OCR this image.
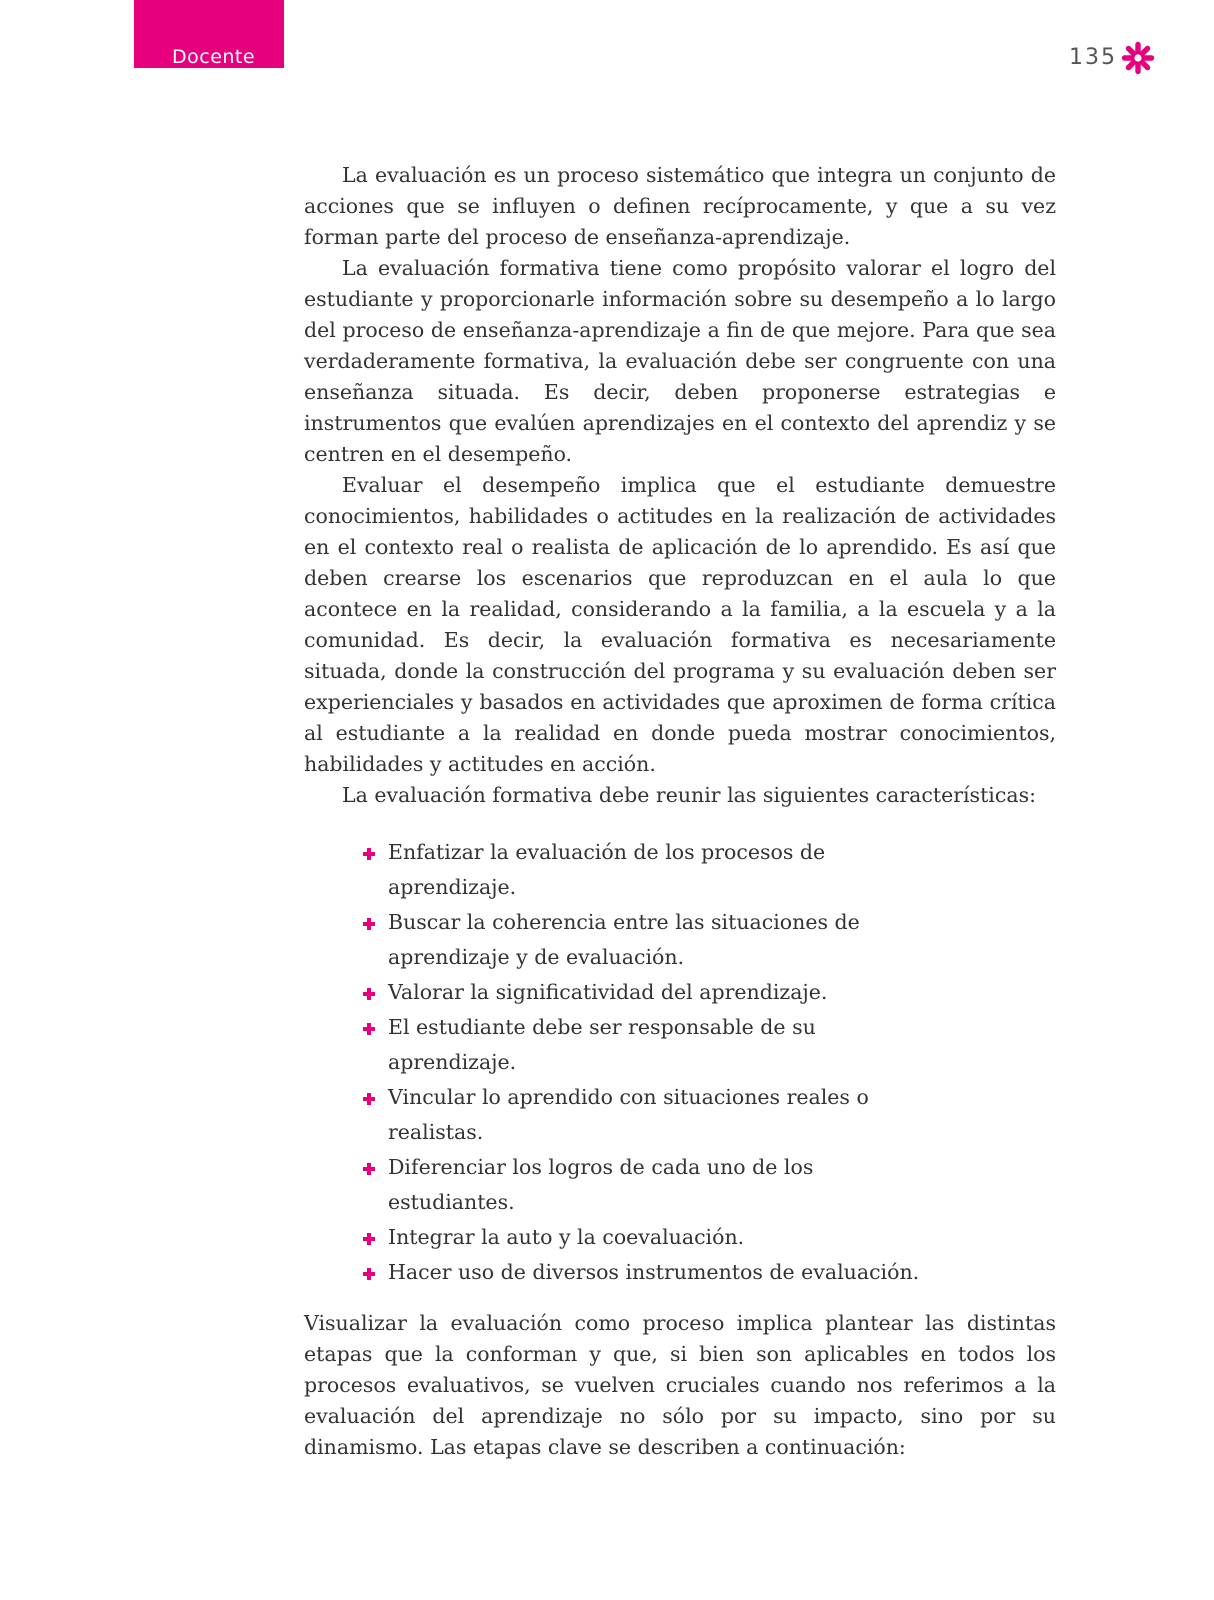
Docente	135

La evaluación es un proceso sistemático que integra un conjunto de acciones que se influyen o definen recíprocamente, y que a su vez forman parte del proceso de enseñanza-aprendizaje.

La evaluación formativa tiene como propósito valorar el logro del estudiante y proporcionarle información sobre su desempeño a lo largo del proceso de enseñanza-aprendizaje a fin de que mejore. Para que sea verdaderamente formativa, la evaluación debe ser congruente con una enseñanza situada. Es decir, deben proponerse estrategias e instrumentos que evalúen aprendizajes en el contexto del aprendiz y se centren en el desempeño.

Evaluar el desempeño implica que el estudiante demuestre conocimientos, habilidades o actitudes en la realización de actividades en el contexto real o realista de aplicación de lo aprendido. Es así que deben crearse los escenarios que reproduzcan en el aula lo que acontece en la realidad, considerando a la familia, a la escuela y a la comunidad. Es decir, la evaluación formativa es necesariamente situada, donde la construcción del programa y su evaluación deben ser experienciales y basados en actividades que aproximen de forma crítica al estudiante a la realidad en donde pueda mostrar conocimientos, habilidades y actitudes en acción.

La evaluación formativa debe reunir las siguientes características:

Enfatizar la evaluación de los procesos de aprendizaje.
Buscar la coherencia entre las situaciones de aprendizaje y de evaluación.
Valorar la significatividad del aprendizaje.
El estudiante debe ser responsable de su aprendizaje.
Vincular lo aprendido con situaciones reales o realistas.
Diferenciar los logros de cada uno de los estudiantes.
Integrar la auto y la coevaluación.
Hacer uso de diversos instrumentos de evaluación.

Visualizar la evaluación como proceso implica plantear las distintas etapas que la conforman y que, si bien son aplicables en todos los procesos evaluativos, se vuelven cruciales cuando nos referimos a la evaluación del aprendizaje no sólo por su impacto, sino por su dinamismo. Las etapas clave se describen a continuación:
